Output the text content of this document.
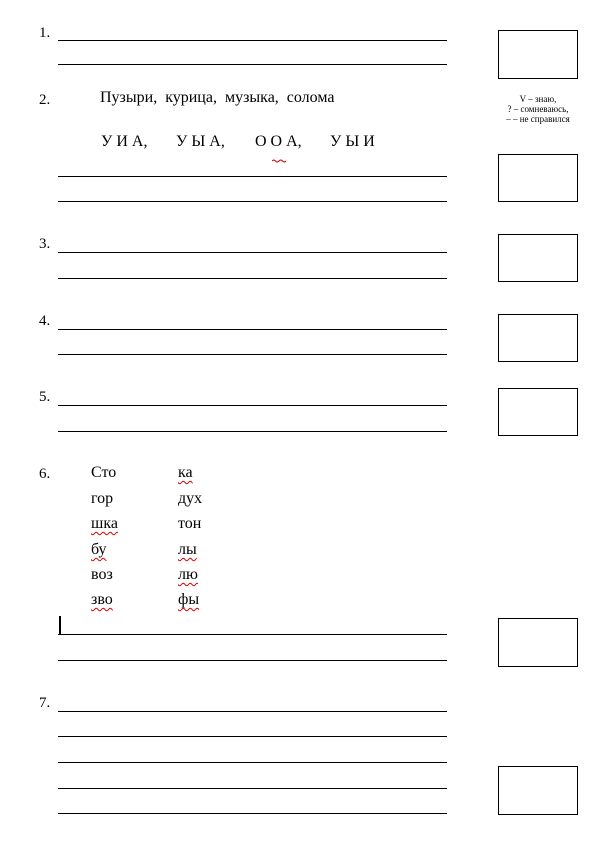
1.
2.
3.
4.
5.
6.
7.
Пузыри,  курица,  музыка,  солома
У И А, У Ы А, О О А, У Ы И
Сто
гор
шка
бу
воз
зво
ка
дух
тон
лы
лю
фы
V – знаю,
? – сомневаюсь,
– – не справился
